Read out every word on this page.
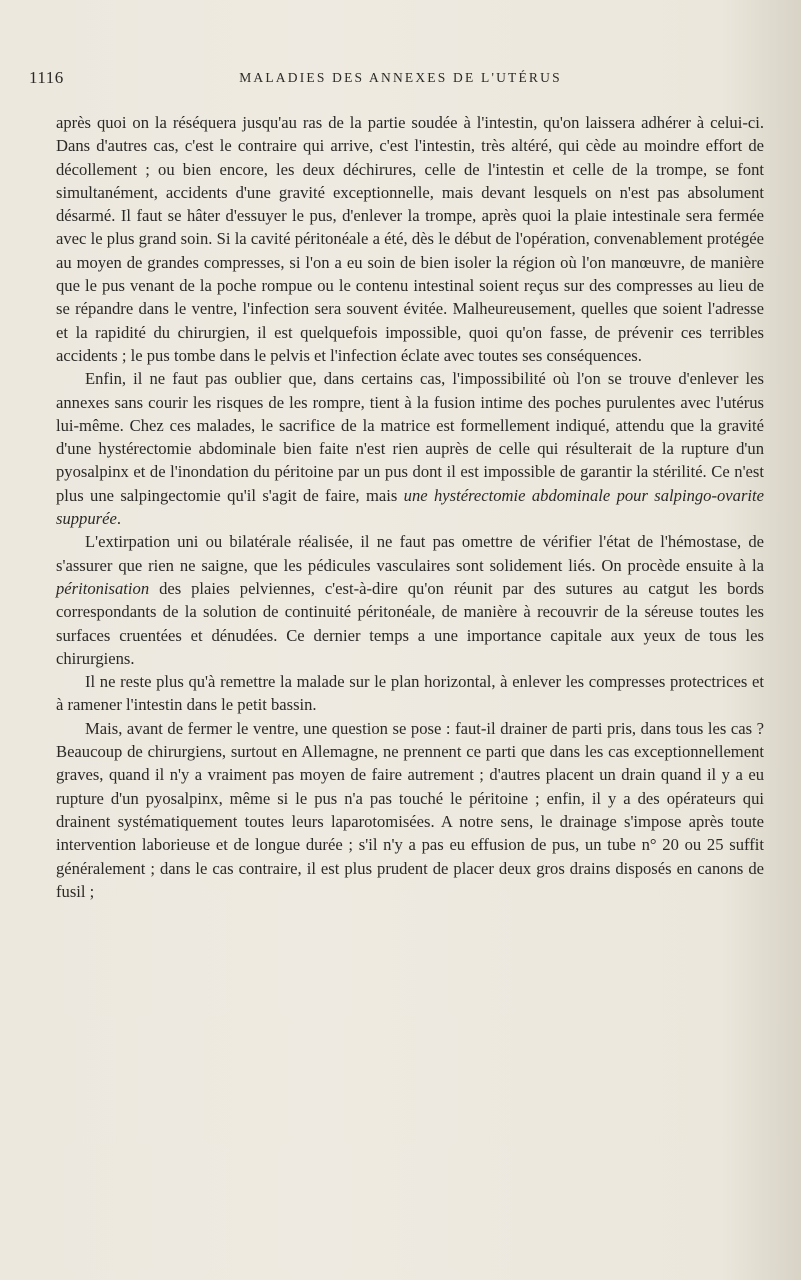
1116	MALADIES DES ANNEXES DE L'UTÉRUS

après quoi on la réséquera jusqu'au ras de la partie soudée à l'intestin, qu'on laissera adhérer à celui-ci. Dans d'autres cas, c'est le contraire qui arrive, c'est l'intestin, très altéré, qui cède au moindre effort de décollement ; ou bien encore, les deux déchirures, celle de l'intestin et celle de la trompe, se font simultanément, accidents d'une gravité exceptionnelle, mais devant lesquels on n'est pas absolument désarmé. Il faut se hâter d'essuyer le pus, d'enlever la trompe, après quoi la plaie intestinale sera fermée avec le plus grand soin. Si la cavité péritonéale a été, dès le début de l'opération, convenablement protégée au moyen de grandes compresses, si l'on a eu soin de bien isoler la région où l'on manœuvre, de manière que le pus venant de la poche rompue ou le contenu intestinal soient reçus sur des compresses au lieu de se répandre dans le ventre, l'infection sera souvent évitée. Malheureusement, quelles que soient l'adresse et la rapidité du chirurgien, il est quelquefois impossible, quoi qu'on fasse, de prévenir ces terribles accidents ; le pus tombe dans le pelvis et l'infection éclate avec toutes ses conséquences.

Enfin, il ne faut pas oublier que, dans certains cas, l'impossibilité où l'on se trouve d'enlever les annexes sans courir les risques de les rompre, tient à la fusion intime des poches purulentes avec l'utérus lui-même. Chez ces malades, le sacrifice de la matrice est formellement indiqué, attendu que la gravité d'une hystérectomie abdominale bien faite n'est rien auprès de celle qui résulterait de la rupture d'un pyosalpinx et de l'inondation du péritoine par un pus dont il est impossible de garantir la stérilité. Ce n'est plus une salpingectomie qu'il s'agit de faire, mais une hystérectomie abdominale pour salpingo-ovarite suppurée.

L'extirpation uni ou bilatérale réalisée, il ne faut pas omettre de vérifier l'état de l'hémostase, de s'assurer que rien ne saigne, que les pédicules vasculaires sont solidement liés. On procède ensuite à la péritonisation des plaies pelviennes, c'est-à-dire qu'on réunit par des sutures au catgut les bords correspondants de la solution de continuité péritonéale, de manière à recouvrir de la séreuse toutes les surfaces cruentées et dénudées. Ce dernier temps a une importance capitale aux yeux de tous les chirurgiens.

Il ne reste plus qu'à remettre la malade sur le plan horizontal, à enlever les compresses protectrices et à ramener l'intestin dans le petit bassin.

Mais, avant de fermer le ventre, une question se pose : faut-il drainer de parti pris, dans tous les cas ? Beaucoup de chirurgiens, surtout en Allemagne, ne prennent ce parti que dans les cas exceptionnellement graves, quand il n'y a vraiment pas moyen de faire autrement ; d'autres placent un drain quand il y a eu rupture d'un pyosalpinx, même si le pus n'a pas touché le péritoine ; enfin, il y a des opérateurs qui drainent systématiquement toutes leurs laparotomisées. A notre sens, le drainage s'impose après toute intervention laborieuse et de longue durée ; s'il n'y a pas eu effusion de pus, un tube n° 20 ou 25 suffit généralement ; dans le cas contraire, il est plus prudent de placer deux gros drains disposés en canons de fusil ;
